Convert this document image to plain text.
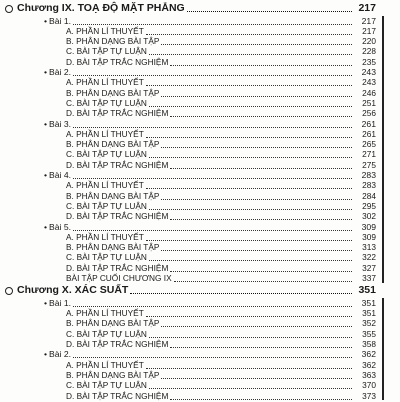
Chương IX. TOẠ ĐỘ MẶT PHẲNG	217
• Bài 1.	217
A. PHẦN LÍ THUYẾT	217
B. PHÂN DẠNG BÀI TẬP	220
C. BÀI TẬP TỰ LUẬN	228
D. BÀI TẬP TRẮC NGHIỆM	235
• Bài 2.	243
A. PHẦN LÍ THUYẾT	243
B. PHÂN DẠNG BÀI TẬP	246
C. BÀI TẬP TỰ LUẬN	251
D. BÀI TẬP TRẮC NGHIỆM	256
• Bài 3.	261
A. PHẦN LÍ THUYẾT	261
B. PHÂN DẠNG BÀI TẬP	265
C. BÀI TẬP TỰ LUẬN	271
D. BÀI TẬP TRẮC NGHIỆM	275
• Bài 4.	283
A. PHẦN LÍ THUYẾT	283
B. PHÂN DẠNG BÀI TẬP	284
C. BÀI TẬP TỰ LUẬN	295
D. BÀI TẬP TRẮC NGHIỆM	302
• Bài 5.	309
A. PHẦN LÍ THUYẾT	309
B. PHÂN DẠNG BÀI TẬP	313
C. BÀI TẬP TỰ LUẬN	322
D. BÀI TẬP TRẮC NGHIỆM	327
BÀI TẬP CUỐI CHƯƠNG IX	337
Chương X. XÁC SUẤT	351
• Bài 1.	351
A. PHẦN LÍ THUYẾT	351
B. PHÂN DẠNG BÀI TẬP	352
C. BÀI TẬP TỰ LUẬN	355
D. BÀI TẬP TRẮC NGHIỆM	358
• Bài 2.	362
A. PHẦN LÍ THUYẾT	362
B. PHÂN DẠNG BÀI TẬP	363
C. BÀI TẬP TỰ LUẬN	370
D. BÀI TẬP TRẮC NGHIỆM	373
